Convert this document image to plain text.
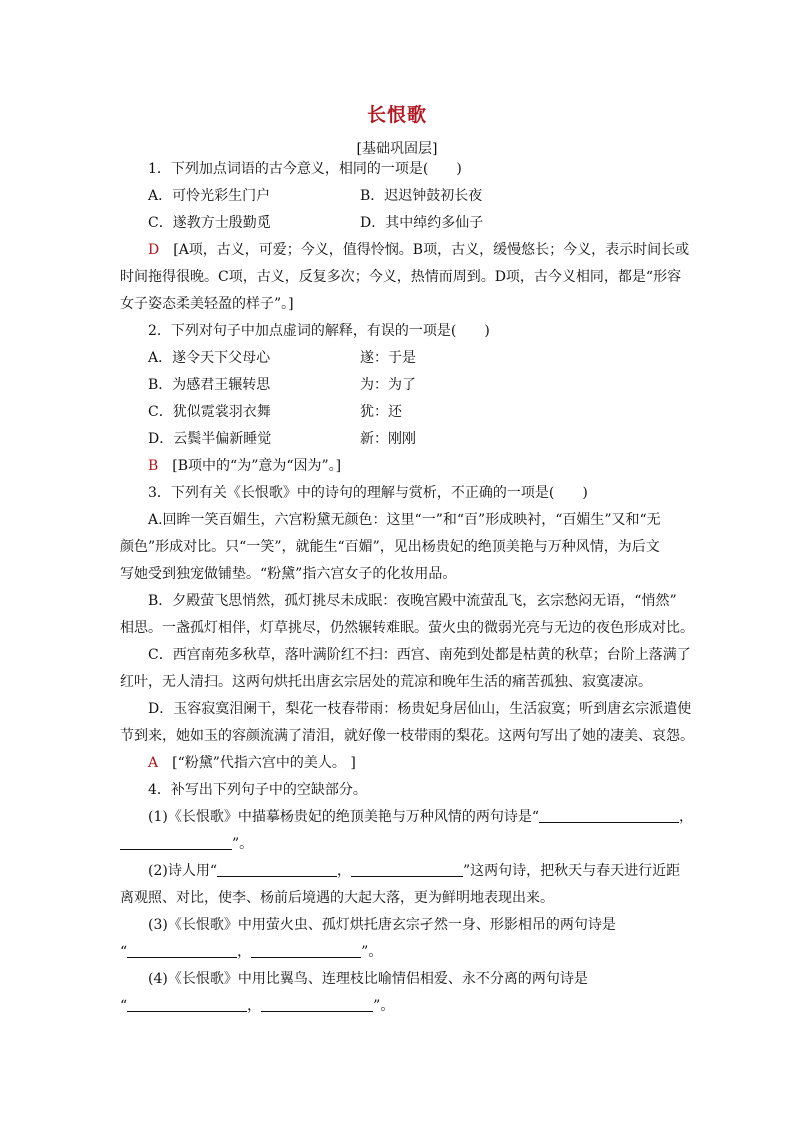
长恨歌
[基础巩固层]
1．下列加点词语的古今意义，相同的一项是(　　)
A．可怜光彩生门户	B．迟迟钟鼓初长夜
C．遂教方士殷勤觅	D．其中绰约多仙子
D　 [A项，古义，可爱；今义，值得怜悯。B项，古义，缓慢悠长；今义，表示时间长或
时间拖得很晚。C项，古义，反复多次；今义，热情而周到。D项，古今义相同，都是“形容
女子姿态柔美轻盈的样子”。]
2．下列对句子中加点虚词的解释，有误的一项是(　　)
A．遂令天下父母心	遂：于是
B．为感君王辗转思	为：为了
C．犹似霓裳羽衣舞	犹：还
D．云鬓半偏新睡觉	新：刚刚
B　 [B项中的“为”意为“因为”。]
3．下列有关《长恨歌》中的诗句的理解与赏析，不正确的一项是(　　)
A.回眸一笑百媚生，六宫粉黛无颜色：这里“一”和“百”形成映衬，“百媚生”又和“无
颜色”形成对比。只“一笑”，就能生“百媚”，见出杨贵妃的绝顶美艳与万种风情，为后文
写她受到独宠做铺垫。“粉黛”指六宫女子的化妆用品。
B．夕殿萤飞思悄然，孤灯挑尽未成眠：夜晚宫殿中流萤乱飞，玄宗愁闷无语，“悄然”
相思。一盏孤灯相伴，灯草挑尽，仍然辗转难眠。萤火虫的微弱光亮与无边的夜色形成对比。
C．西宫南苑多秋草，落叶满阶红不扫：西宫、南苑到处都是枯黄的秋草；台阶上落满了
红叶，无人清扫。这两句烘托出唐玄宗居处的荒凉和晚年生活的痛苦孤独、寂寞凄凉。
D．玉容寂寞泪阑干，梨花一枝春带雨：杨贵妃身居仙山，生活寂寞；听到唐玄宗派遣使
节到来，她如玉的容颜流满了清泪，就好像一枝带雨的梨花。这两句写出了她的凄美、哀怨。
A　 [“粉黛”代指六宫中的美人。 ]
4．补写出下列句子中的空缺部分。
(1)《长恨歌》中描摹杨贵妃的绝顶美艳与万种风情的两句诗是“	，
”。
(2)诗人用“	，	”这两句诗，把秋天与春天进行近距
离观照、对比，使李、杨前后境遇的大起大落，更为鲜明地表现出来。
(3)《长恨歌》中用萤火虫、孤灯烘托唐玄宗孑然一身、形影相吊的两句诗是
“	，	”。
(4)《长恨歌》中用比翼鸟、连理枝比喻情侣相爱、永不分离的两句诗是
“	，	”。
